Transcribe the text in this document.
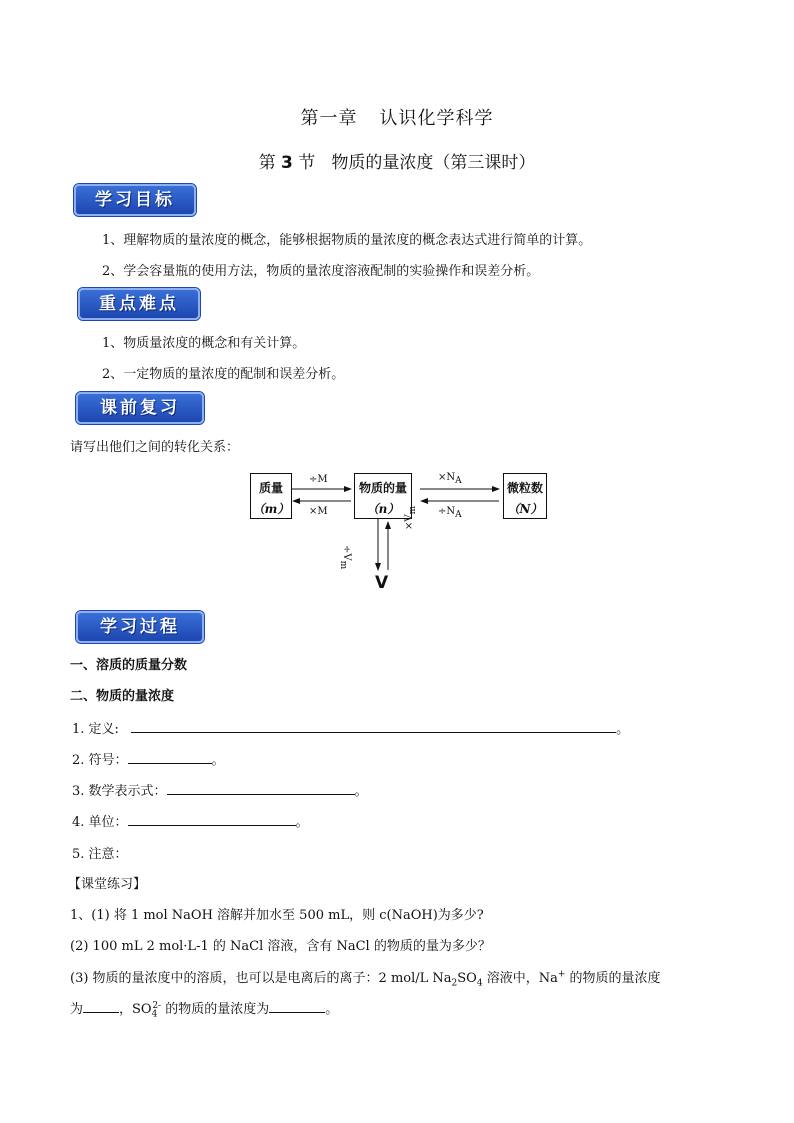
第一章 认识化学科学
第 3 节 物质的量浓度（第三课时）
学习目标
1、理解物质的量浓度的概念，能够根据物质的量浓度的概念表达式进行简单的计算。
2、学会容量瓶的使用方法，物质的量浓度溶液配制的实验操作和误差分析。
重点难点
1、物质量浓度的概念和有关计算。
2、一定物质的量浓度的配制和误差分析。
课前复习
请写出他们之间的转化关系：
质量
（m）
物质的量
（n）
微粒数
（N）
÷M
×M
$\times N_A$
$\div N_A$
$\div V_m$
$\times V_m$
V
学习过程
一、溶质的质量分数
二、物质的量浓度
1. 定义:	。
2. 符号：	。
3. 数学表示式：	。
4. 单位：	。
5. 注意：
【课堂练习】
1、(1) 将 1 mol NaOH 溶解并加水至 500 mL，则 c(NaOH)为多少?
(2) 100 mL 2 mol·L-1 的 NaCl 溶液，含有 NaCl 的物质的量为多少？
(3) 物质的量浓度中的溶质，也可以是电离后的离子：2 mol/L $Na_2SO_4$ 溶液中，Na+ 的物质的量浓度
为	，$SO_4^{2-}$ 的物质的量浓度为	。
